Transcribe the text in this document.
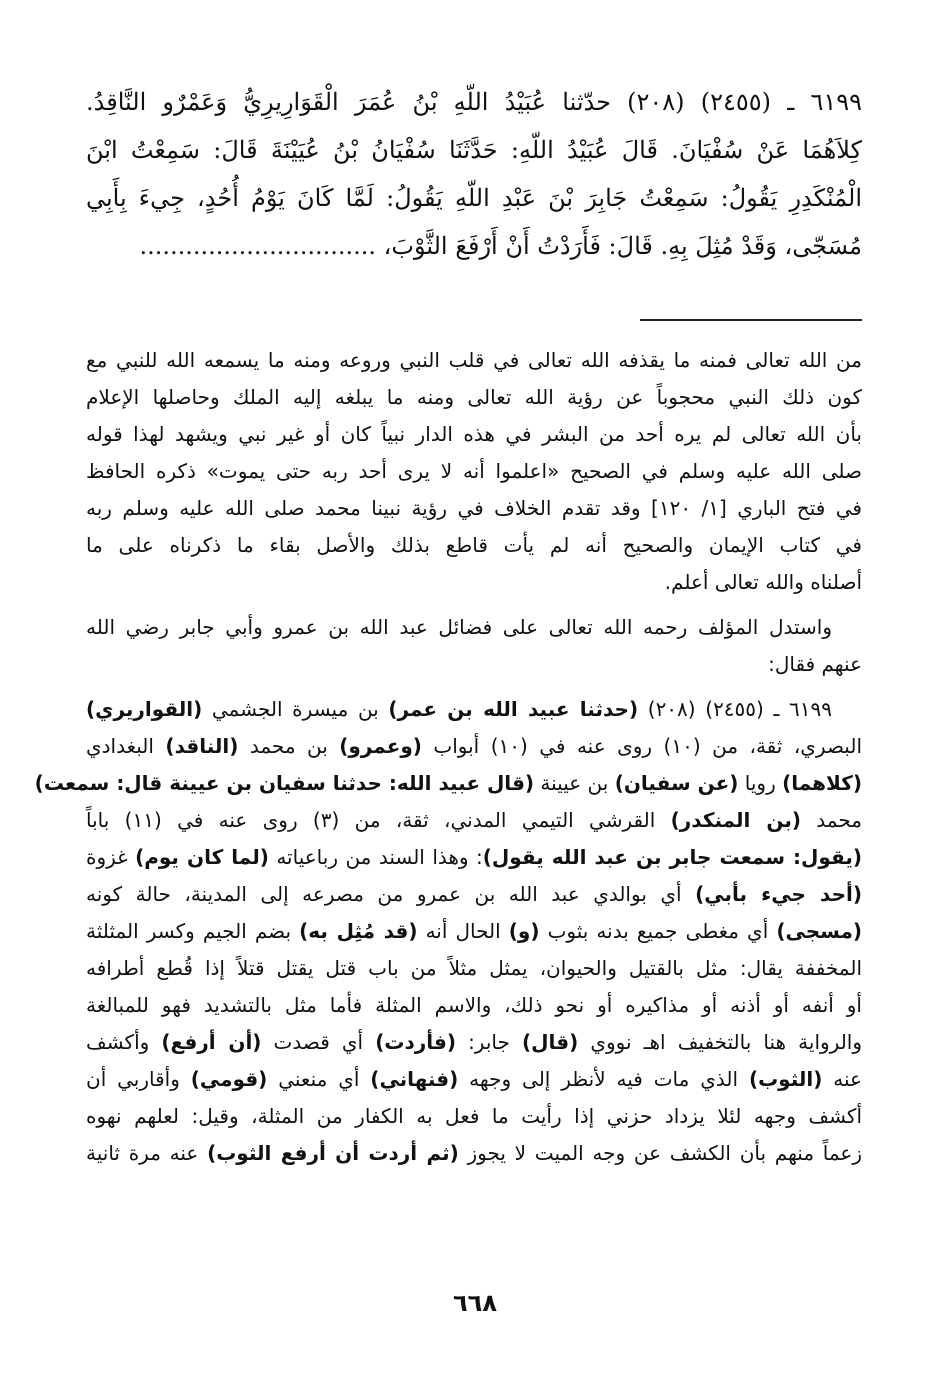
٦١٩٩ ـ (٢٤٥٥) (٢٠٨) حدّثنا عُبَيْدُ اللّهِ بْنُ عُمَرَ الْقَوَارِيرِيُّ وَعَمْرٌو النَّاقِدُ.
كِلاَهُمَا عَنْ سُفْيَانَ. قَالَ عُبَيْدُ اللّهِ: حَدَّثَنَا سُفْيَانُ بْنُ عُيَيْنَةَ قَالَ: سَمِعْتُ ابْنَ
الْمُنْكَدِرِ يَقُولُ: سَمِعْتُ جَابِرَ بْنَ عَبْدِ اللّهِ يَقُولُ: لَمَّا كَانَ يَوْمُ أُحُدٍ، جِيءَ بِأَبِي
مُسَجّى، وَقَدْ مُثِلَ بِهِ. قَالَ: فَأَرَدْتُ أَنْ أَرْفَعَ الثَّوْبَ، ...............................
من الله تعالى فمنه ما يقذفه الله تعالى في قلب النبي وروعه ومنه ما يسمعه الله للنبي مع
كون ذلك النبي محجوباً عن رؤية الله تعالى ومنه ما يبلغه إليه الملك وحاصلها الإعلام
بأن الله تعالى لم يره أحد من البشر في هذه الدار نبياً كان أو غير نبي ويشهد لهذا قوله
صلى الله عليه وسلم في الصحيح «اعلموا أنه لا يرى أحد ربه حتى يموت» ذكره الحافظ
في فتح الباري [١/ ١٢٠] وقد تقدم الخلاف في رؤية نبينا محمد صلى الله عليه وسلم ربه
في كتاب الإيمان والصحيح أنه لم يأت قاطع بذلك والأصل بقاء ما ذكرناه على ما
أصلناه والله تعالى أعلم.
واستدل المؤلف رحمه الله تعالى على فضائل عبد الله بن عمرو وأبي جابر رضي الله
عنهم فقال:
٦١٩٩ ـ (٢٤٥٥) (٢٠٨) (حدثنا عبيد الله بن عمر) بن ميسرة الجشمي (القواريري)
البصري، ثقة، من (١٠) روى عنه في (١٠) أبواب (وعمرو) بن محمد (الناقد) البغدادي
(كلاهما) رويا (عن سفيان) بن عيينة (قال عبيد الله: حدثنا سفيان بن عيينة قال: سمعت)
محمد (بن المنكدر) القرشي التيمي المدني، ثقة، من (٣) روى عنه في (١١) باباً
(يقول: سمعت جابر بن عبد الله يقول): وهذا السند من رباعياته (لما كان يوم) غزوة
(أحد جيء بأبي) أي بوالدي عبد الله بن عمرو من مصرعه إلى المدينة، حالة كونه
(مسجى) أي مغطى جميع بدنه بثوب (و) الحال أنه (قد مُثِل به) بضم الجيم وكسر المثلثة
المخففة يقال: مثل بالقتيل والحيوان، يمثل مثلاً من باب قتل يقتل قتلاً إذا قُطع أطرافه
أو أنفه أو أذنه أو مذاكيره أو نحو ذلك، والاسم المثلة فأما مثل بالتشديد فهو للمبالغة
والرواية هنا بالتخفيف اهـ نووي (قال) جابر: (فأردت) أي قصدت (أن أرفع) وأكشف
عنه (الثوب) الذي مات فيه لأنظر إلى وجهه (فنهاني) أي منعني (قومي) وأقاربي أن
أكشف وجهه لئلا يزداد حزني إذا رأيت ما فعل به الكفار من المثلة، وقيل: لعلهم نهوه
زعماً منهم بأن الكشف عن وجه الميت لا يجوز (ثم أردت أن أرفع الثوب) عنه مرة ثانية
٦٦٨
